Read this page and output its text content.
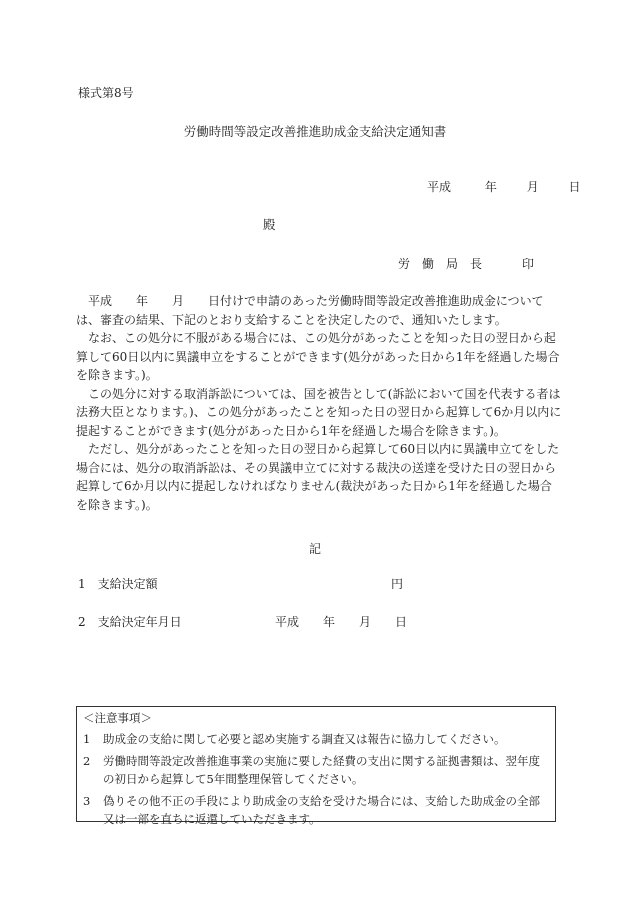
様式第8号
労働時間等設定改善推進助成金支給決定通知書
平成	年 月 日
殿
労　働　局　長	印

平成　　年　　月　　日付けで申請のあった労働時間等設定改善推進助成金については、審査の結果、下記のとおり支給することを決定したので、通知いたします。

なお、この処分に不服がある場合には、この処分があったことを知った日の翌日から起算して60日以内に異議申立をすることができます(処分があった日から1年を経過した場合を除きます。)。

この処分に対する取消訴訟については、国を被告として(訴訟において国を代表する者は法務大臣となります。)、この処分があったことを知った日の翌日から起算して6か月以内に提起することができます(処分があった日から1年を経過した場合を除きます。)。

ただし、処分があったことを知った日の翌日から起算して60日以内に異議申立てをした場合には、処分の取消訴訟は、その異議申立てに対する裁決の送達を受けた日の翌日から起算して6か月以内に提起しなければなりません(裁決があった日から1年を経過した場合を除きます。)。

記
1　支給決定額	円
2　支給決定年月日	平成　　年　　月　　日
＜注意事項＞
1	助成金の支給に関して必要と認め実施する調査又は報告に協力してください。
2	労働時間等設定改善推進事業の実施に要した経費の支出に関する証拠書類は、翌年度の初日から起算して5年間整理保管してください。
3	偽りその他不正の手段により助成金の支給を受けた場合には、支給した助成金の全部又は一部を直ちに返還していただきます。
